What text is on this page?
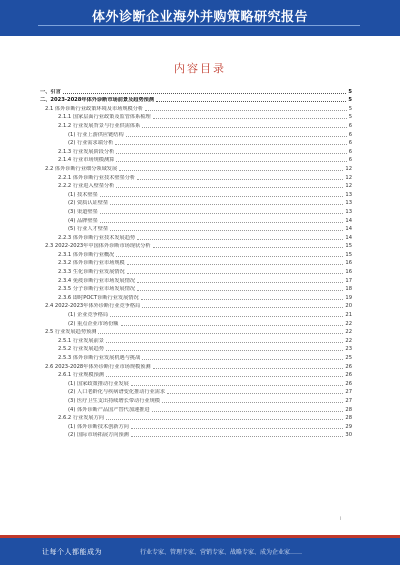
体外诊断企业海外并购策略研究报告
内容目录
一、引言	5
二、2023-2028年体外诊断市场前景及趋势预测	5
2.1 体外诊断行业政策环境及市场规模分析	5
2.1.1 国家层面行业政策及监管体系梳理	5
2.1.2 行业发展背景与行业供需体系	6
(1) 行业上游供应链结构	6
(2) 行业需求端分析	6
2.1.3 行业发展阶段分析	6
2.1.4 行业市场规模测算	6
2.2 体外诊断行业细分领域发展	12
2.2.1 体外诊断行业技术壁垒分析	12
2.2.2 行业进入壁垒分析	12
(1) 技术壁垒	13
(2) 资质认证壁垒	13
(3) 渠道壁垒	13
(4) 品牌壁垒	14
(5) 行业人才壁垒	14
2.2.3 体外诊断行业技术发展趋势	14
2.3 2022-2023年中国体外诊断市场现状分析	15
2.3.1 体外诊断行业概况	15
2.3.2 体外诊断行业市场规模	16
2.3.3 生化诊断行业发展情况	16
2.3.4 免疫诊断行业市场发展情况	17
2.3.5 分子诊断行业市场发展情况	18
2.3.6 即时POCT诊断行业发展情况	19
2.4 2022-2023年体外诊断行业竞争格局	20
(1) 企业竞争格局	21
(2) 重点企业市场份额	22
2.5 行业发展趋势预测	22
2.5.1 行业发展前景	22
2.5.2 行业发展趋势	23
2.5.3 体外诊断行业发展机遇与挑战	25
2.6 2023-2028年体外诊断行业市场规模预测	26
2.6.1 行业规模预测	26
(1) 国家政策推动行业发展	26
(2) 人口老龄化与疾病谱变化推动行业需求	27
(3) 医疗卫生支出持续增长带动行业规模	27
(4) 体外诊断产品国产替代加速推进	28
2.6.2 行业发展方向	28
(1) 体外诊断技术创新方向	29
(2) 国际市场拓展方向预测	30
i
让每个人都能成为	行业专家、管理专家、营销专家、战略专家、成为企业家……
